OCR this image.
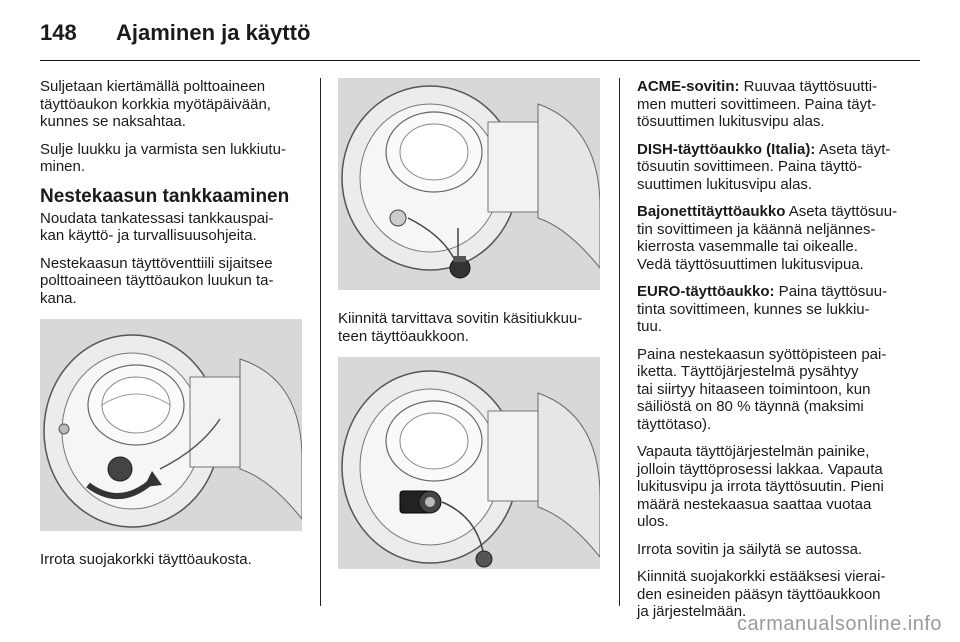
148	Ajaminen ja käyttö

Suljetaan kiertämällä polttoaineen
täyttöaukon korkkia myötäpäivään,
kunnes se naksahtaa.

Sulje luukku ja varmista sen lukkiutu-
minen.

Nestekaasun tankkaaminen

Noudata tankatessasi tankkauspai-
kan käyttö- ja turvallisuusohjeita.

Nestekaasun täyttöventtiili sijaitsee
polttoaineen täyttöaukon luukun ta-
kana.

Irrota suojakorkki täyttöaukosta.

Kiinnitä tarvittava sovitin käsitiukkuu-
teen täyttöaukkoon.

ACME-sovitin: Ruuvaa täyttösuutti-
men mutteri sovittimeen. Paina täyt-
tösuuttimen lukitusvipu alas.

DISH-täyttöaukko (Italia): Aseta täyt-
tösuutin sovittimeen. Paina täyttö-
suuttimen lukitusvipu alas.

Bajonettitäyttöaukko Aseta täyttösuu-
tin sovittimeen ja käännä neljännes-
kierrosta vasemmalle tai oikealle.
Vedä täyttösuuttimen lukitusvipua.

EURO-täyttöaukko: Paina täyttösuu-
tinta sovittimeen, kunnes se lukkiu-
tuu.

Paina nestekaasun syöttöpisteen pai-
iketta. Täyttöjärjestelmä pysähtyy
tai siirtyy hitaaseen toimintoon, kun
säiliöstä on 80 % täynnä (maksimi
täyttötaso).

Vapauta täyttöjärjestelmän painike,
jolloin täyttöprosessi lakkaa. Vapauta
lukitusvipu ja irrota täyttösuutin. Pieni
määrä nestekaasua saattaa vuotaa
ulos.

Irrota sovitin ja säilytä se autossa.

Kiinnitä suojakorkki estääksesi vierai-
den esineiden pääsyn täyttöaukkoon
ja järjestelmään.

carmanualsonline.info
